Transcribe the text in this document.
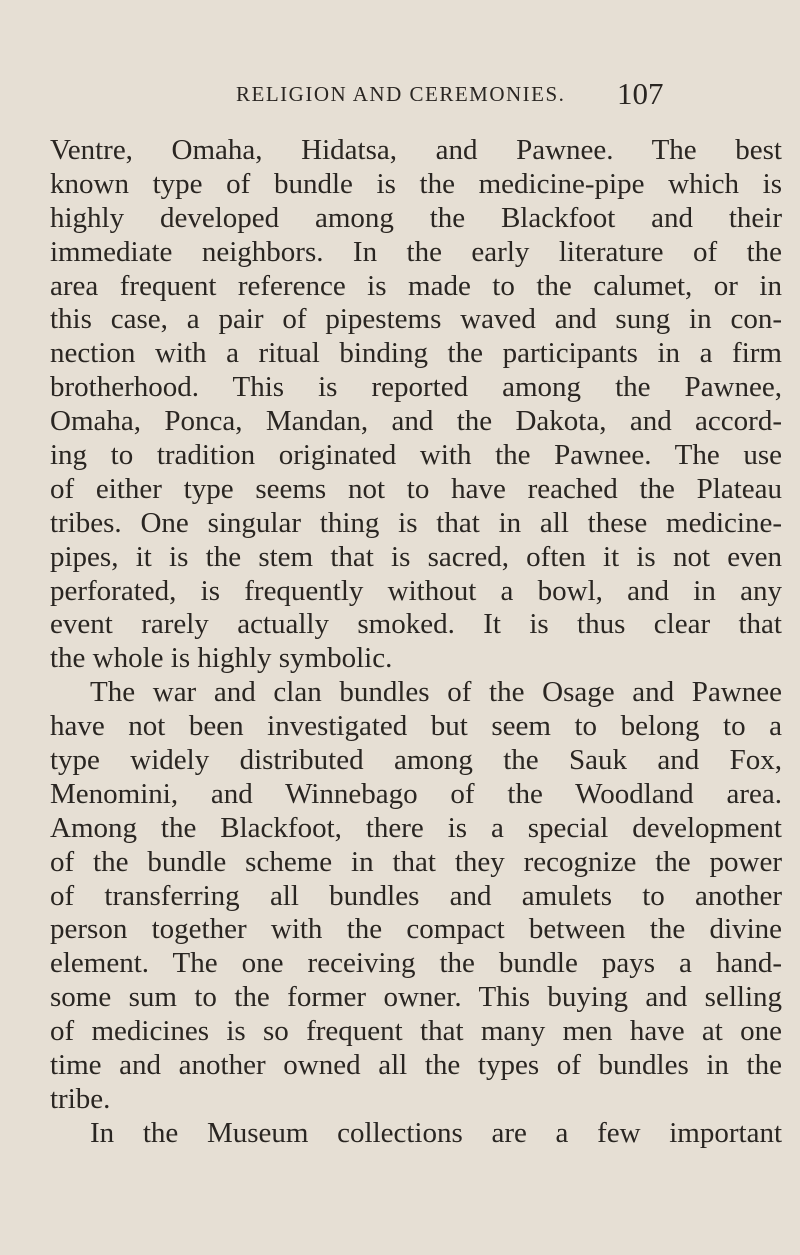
RELIGION AND CEREMONIES. 107
Ventre, Omaha, Hidatsa, and Pawnee. The best
known type of bundle is the medicine-pipe which is
highly developed among the Blackfoot and their
immediate neighbors. In the early literature of the
area frequent reference is made to the calumet, or in
this case, a pair of pipestems waved and sung in con-
nection with a ritual binding the participants in a firm
brotherhood. This is reported among the Pawnee,
Omaha, Ponca, Mandan, and the Dakota, and accord-
ing to tradition originated with the Pawnee. The use
of either type seems not to have reached the Plateau
tribes. One singular thing is that in all these medicine-
pipes, it is the stem that is sacred, often it is not even
perforated, is frequently without a bowl, and in any
event rarely actually smoked. It is thus clear that
the whole is highly symbolic.
The war and clan bundles of the Osage and Pawnee
have not been investigated but seem to belong to a
type widely distributed among the Sauk and Fox,
Menomini, and Winnebago of the Woodland area.
Among the Blackfoot, there is a special development
of the bundle scheme in that they recognize the power
of transferring all bundles and amulets to another
person together with the compact between the divine
element. The one receiving the bundle pays a hand-
some sum to the former owner. This buying and selling
of medicines is so frequent that many men have at one
time and another owned all the types of bundles in the
tribe.
In the Museum collections are a few important
